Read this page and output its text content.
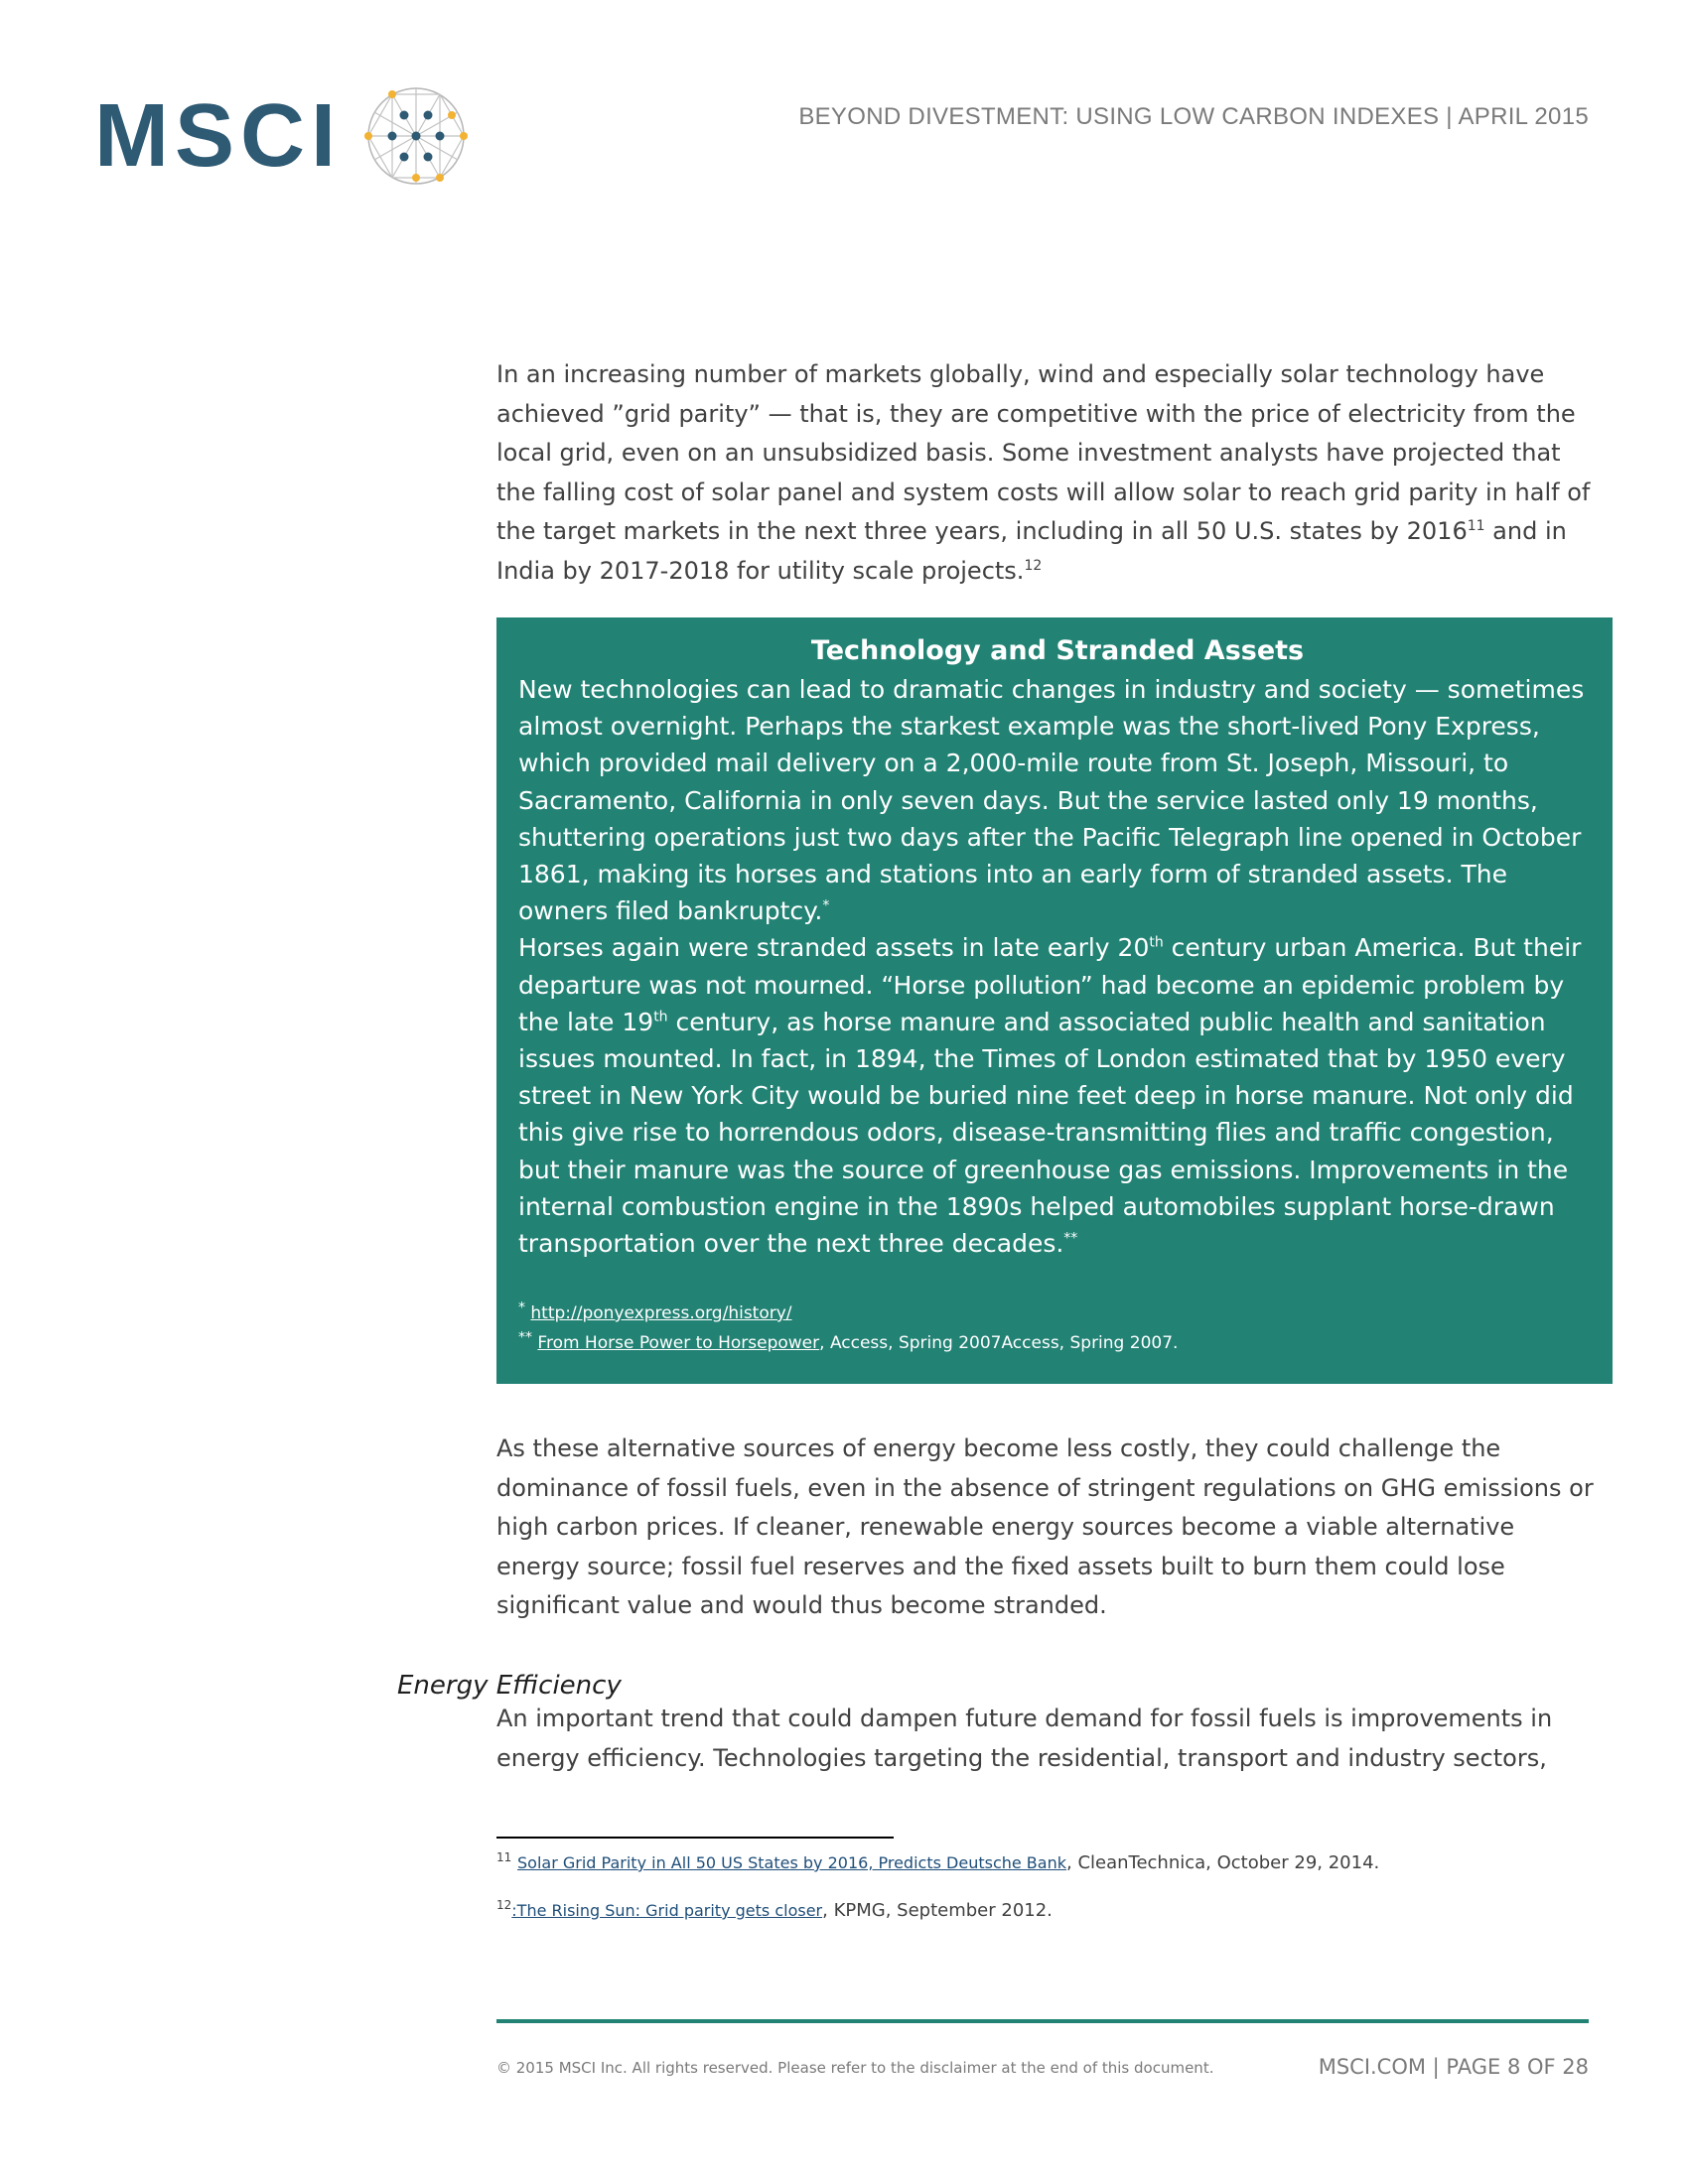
MSCI	BEYOND DIVESTMENT: USING LOW CARBON INDEXES | APRIL 2015

In an increasing number of markets globally, wind and especially solar technology have achieved ”grid parity” — that is, they are competitive with the price of electricity from the local grid, even on an unsubsidized basis. Some investment analysts have projected that the falling cost of solar panel and system costs will allow solar to reach grid parity in half of the target markets in the next three years, including in all 50 U.S. states by 2016$^{11}$ and in India by 2017-2018 for utility scale projects.$^{12}$

Technology and Stranded Assets

New technologies can lead to dramatic changes in industry and society — sometimes almost overnight. Perhaps the starkest example was the short-lived Pony Express, which provided mail delivery on a 2,000-mile route from St. Joseph, Missouri, to Sacramento, California in only seven days. But the service lasted only 19 months, shuttering operations just two days after the Pacific Telegraph line opened in October 1861, making its horses and stations into an early form of stranded assets. The owners filed bankruptcy.*

Horses again were stranded assets in late early 20th century urban America. But their departure was not mourned. “Horse pollution” had become an epidemic problem by the late 19th century, as horse manure and associated public health and sanitation issues mounted. In fact, in 1894, the Times of London estimated that by 1950 every street in New York City would be buried nine feet deep in horse manure. Not only did this give rise to horrendous odors, disease-transmitting flies and traffic congestion, but their manure was the source of greenhouse gas emissions. Improvements in the internal combustion engine in the 1890s helped automobiles supplant horse-drawn transportation over the next three decades.**

* http://ponyexpress.org/history/
** From Horse Power to Horsepower, Access, Spring 2007Access, Spring 2007.

As these alternative sources of energy become less costly, they could challenge the dominance of fossil fuels, even in the absence of stringent regulations on GHG emissions or high carbon prices. If cleaner, renewable energy sources become a viable alternative energy source; fossil fuel reserves and the fixed assets built to burn them could lose significant value and would thus become stranded.

Energy Efficiency

An important trend that could dampen future demand for fossil fuels is improvements in energy efficiency. Technologies targeting the residential, transport and industry sectors,

$^{11}$ Solar Grid Parity in All 50 US States by 2016, Predicts Deutsche Bank, CleanTechnica, October 29, 2014.
$^{12}$:The Rising Sun: Grid parity gets closer, KPMG, September 2012.
© 2015 MSCI Inc. All rights reserved. Please refer to the disclaimer at the end of this document.	MSCI.COM | PAGE 8 OF 28
